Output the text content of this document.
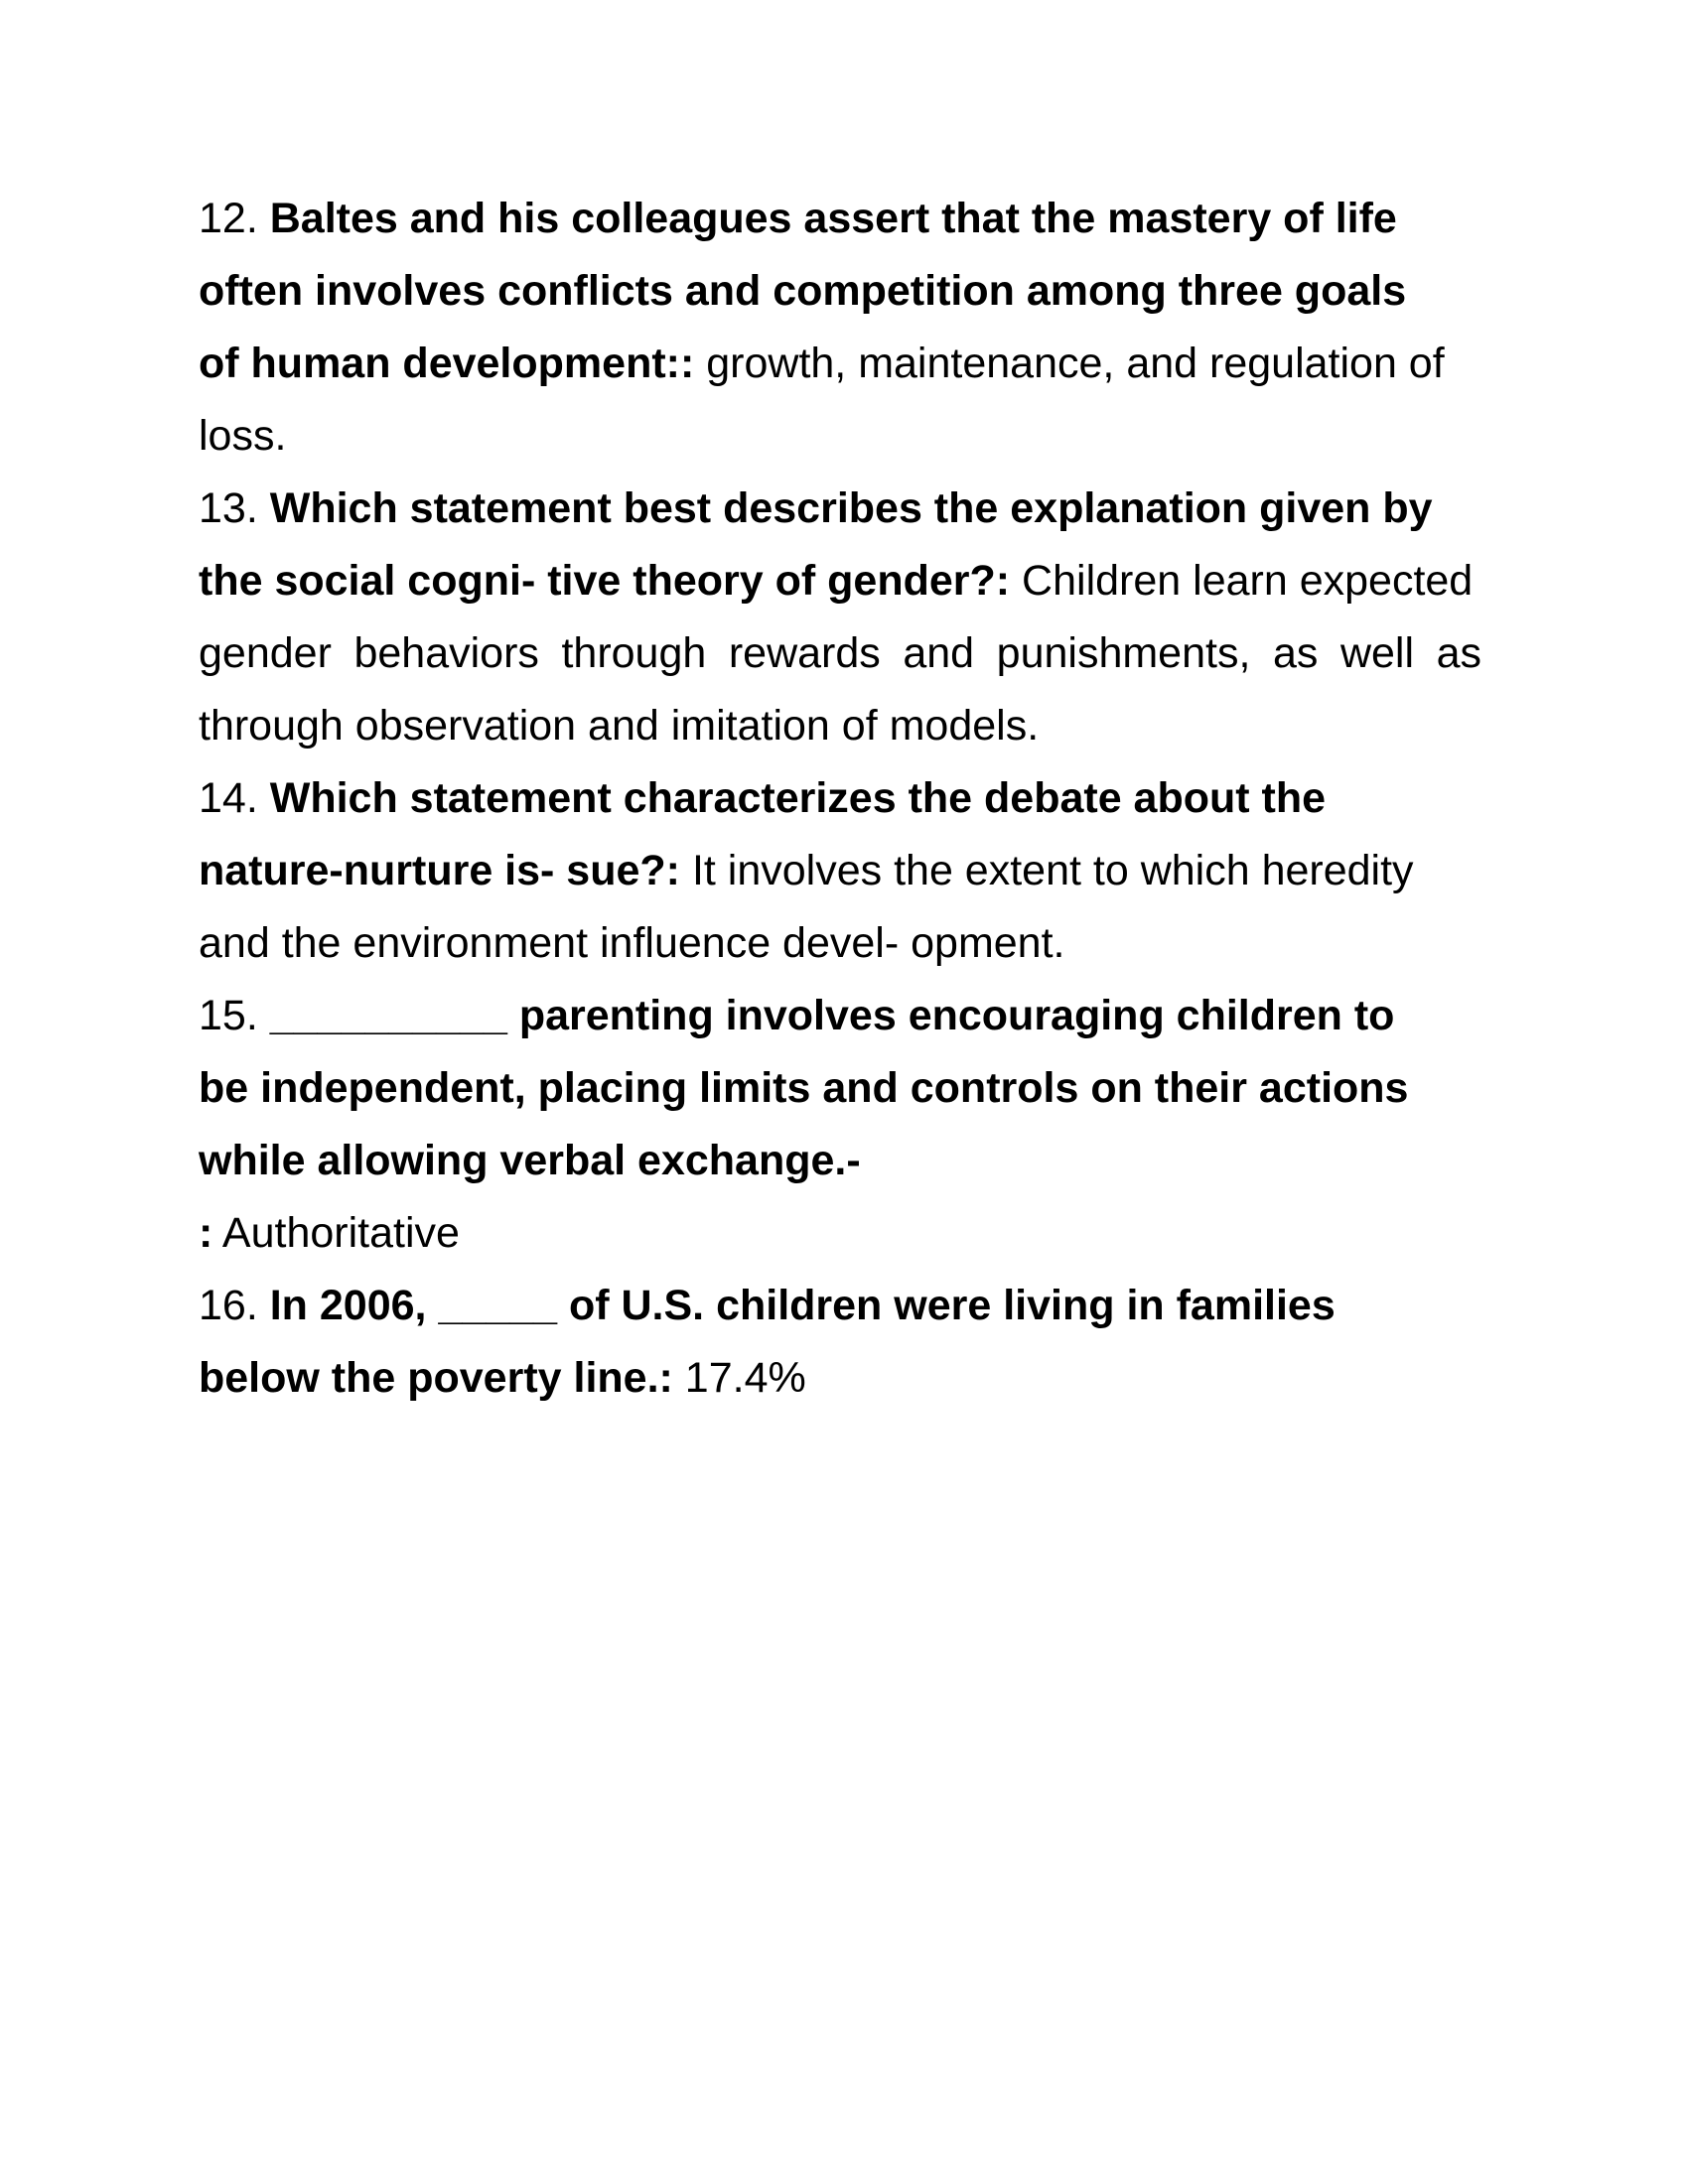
12. Baltes and his colleagues assert that the mastery of life
often involves conflicts and competition among three goals
of human development:: growth, maintenance, and regulation of
loss.
13. Which statement best describes the explanation given by
the social cogni- tive theory of gender?: Children learn expected
gender behaviors through rewards and punishments, as well as
through observation and imitation of models.
14. Which statement characterizes the debate about the
nature-nurture is- sue?: It involves the extent to which heredity
and the environment influence devel- opment.
15. __________ parenting involves encouraging children to
be independent, placing limits and controls on their actions
while allowing verbal exchange.-
: Authoritative
16. In 2006, _____ of U.S. children were living in families
below the poverty line.: 17.4%
